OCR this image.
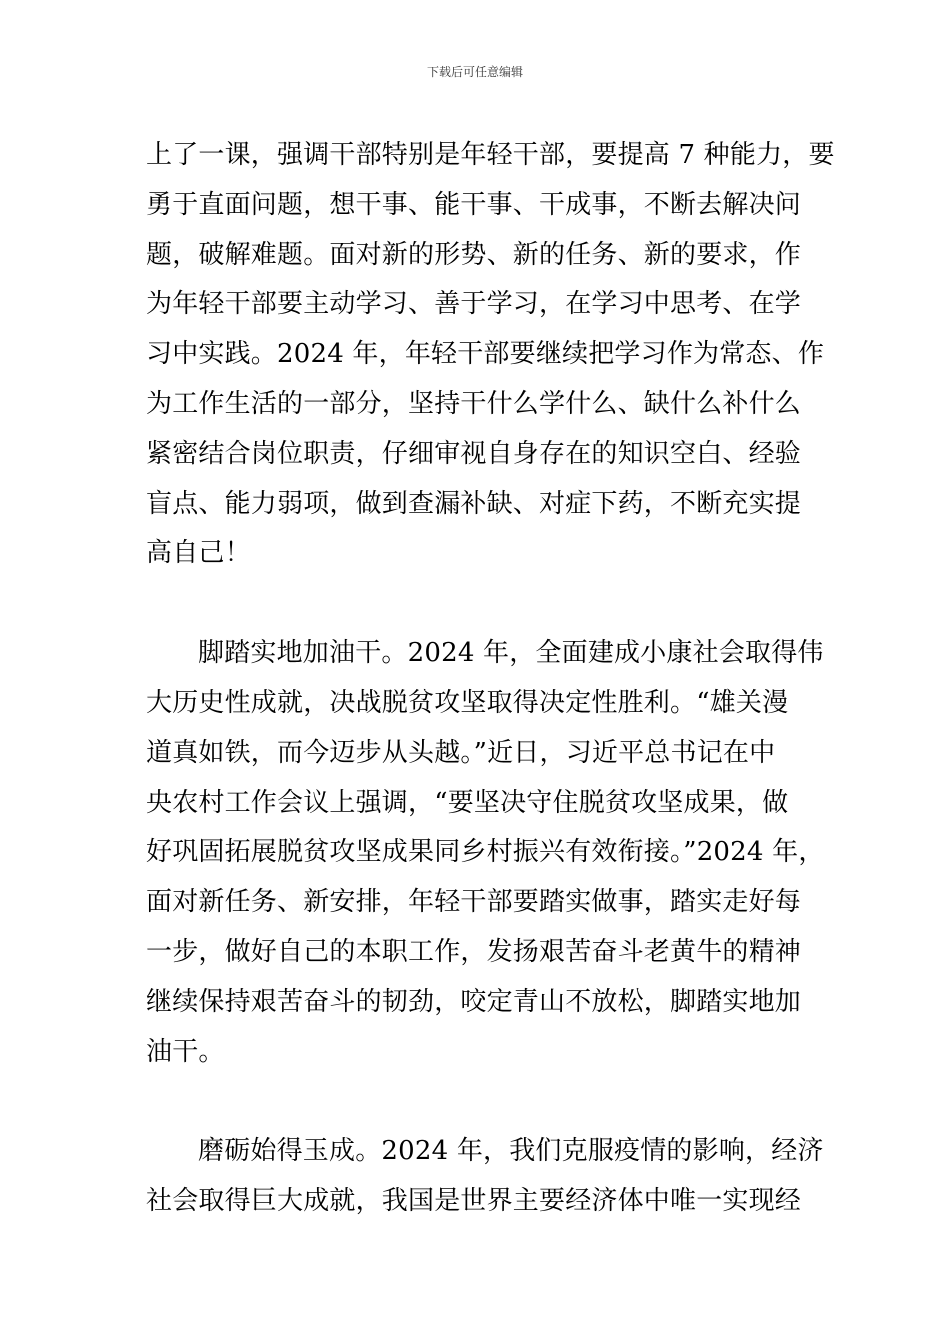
下载后可任意编辑
上了一课，强调干部特别是年轻干部，要提高 7 种能力，要
勇于直面问题，想干事、能干事、干成事，不断去解决问
题，破解难题。面对新的形势、新的任务、新的要求，作
为年轻干部要主动学习、善于学习，在学习中思考、在学
习中实践。2024 年，年轻干部要继续把学习作为常态、作
为工作生活的一部分，坚持干什么学什么、缺什么补什么
紧密结合岗位职责，仔细审视自身存在的知识空白、经验
盲点、能力弱项，做到查漏补缺、对症下药，不断充实提
高自己！
脚踏实地加油干。2024 年，全面建成小康社会取得伟
大历史性成就，决战脱贫攻坚取得决定性胜利。“雄关漫
道真如铁，而今迈步从头越。”近日，习近平总书记在中
央农村工作会议上强调，“要坚决守住脱贫攻坚成果，做
好巩固拓展脱贫攻坚成果同乡村振兴有效衔接。”2024 年，
面对新任务、新安排，年轻干部要踏实做事，踏实走好每
一步，做好自己的本职工作，发扬艰苦奋斗老黄牛的精神
继续保持艰苦奋斗的韧劲，咬定青山不放松，脚踏实地加
油干。
磨砺始得玉成。2024 年，我们克服疫情的影响，经济
社会取得巨大成就，我国是世界主要经济体中唯一实现经
